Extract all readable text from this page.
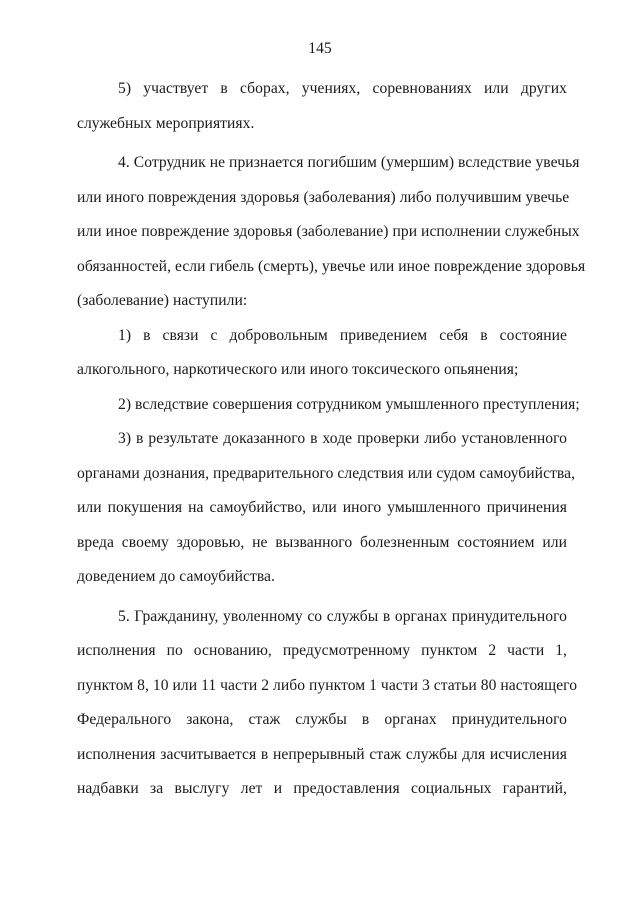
145
5) участвует в сборах, учениях, соревнованиях или других
служебных мероприятиях.
4. Сотрудник не признается погибшим (умершим) вследствие увечья
или иного повреждения здоровья (заболевания) либо получившим увечье
или иное повреждение здоровья (заболевание) при исполнении служебных
обязанностей, если гибель (смерть), увечье или иное повреждение здоровья
(заболевание) наступили:
1) в связи с добровольным приведением себя в состояние
алкогольного, наркотического или иного токсического опьянения;
2) вследствие совершения сотрудником умышленного преступления;
3) в результате доказанного в ходе проверки либо установленного
органами дознания, предварительного следствия или судом самоубийства,
или покушения на самоубийство, или иного умышленного причинения
вреда своему здоровью, не вызванного болезненным состоянием или
доведением до самоубийства.
5. Гражданину, уволенному со службы в органах принудительного
исполнения по основанию, предусмотренному пунктом 2 части 1,
пунктом 8, 10 или 11 части 2 либо пунктом 1 части 3 статьи 80 настоящего
Федерального закона, стаж службы в органах принудительного
исполнения засчитывается в непрерывный стаж службы для исчисления
надбавки за выслугу лет и предоставления социальных гарантий,
